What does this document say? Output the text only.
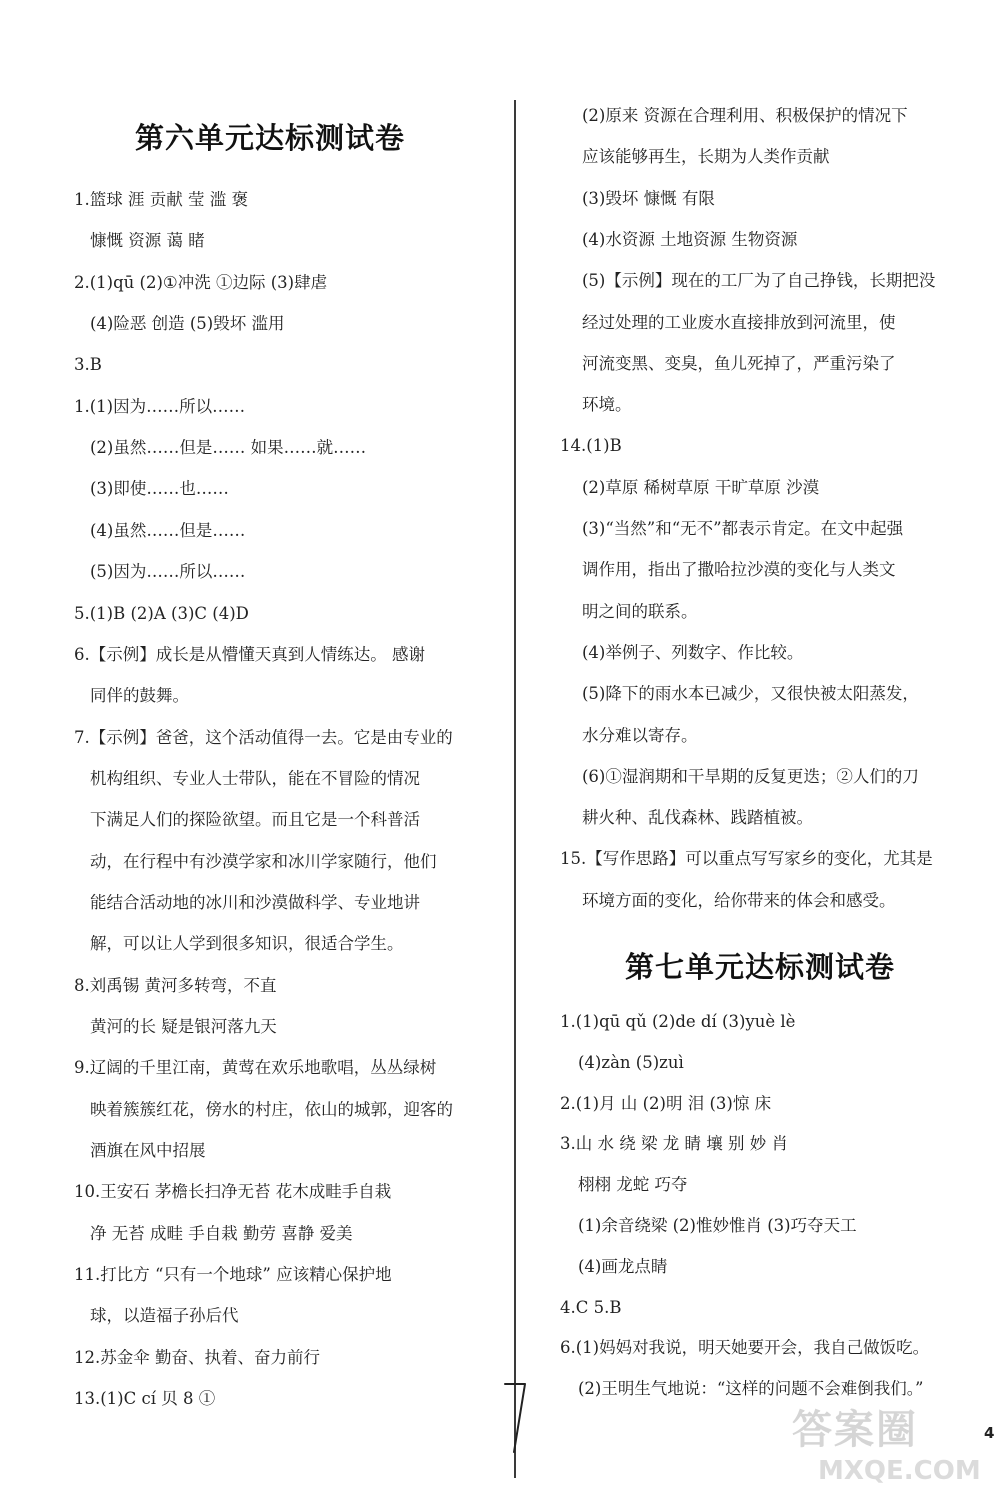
第六单元达标测试卷
1.篮球 涯 贡献 莹 滥 褒
慷慨 资源 蔼 睹
2.(1)qū (2)①冲洗 ①边际 (3)肆虐
(4)险恶 创造 (5)毁坏 滥用
3.B
1.(1)因为……所以……
(2)虽然……但是…… 如果……就……
(3)即使……也……
(4)虽然……但是……
(5)因为……所以……
5.(1)B (2)A (3)C (4)D
6.【示例】成长是从懵懂天真到人情练达。 感谢
同伴的鼓舞。
7.【示例】爸爸，这个活动值得一去。它是由专业的
机构组织、专业人士带队，能在不冒险的情况
下满足人们的探险欲望。而且它是一个科普活
动，在行程中有沙漠学家和冰川学家随行，他们
能结合活动地的冰川和沙漠做科学、专业地讲
解，可以让人学到很多知识，很适合学生。
8.刘禹锡 黄河多转弯，不直
黄河的长 疑是银河落九天
9.辽阔的千里江南，黄莺在欢乐地歌唱，丛丛绿树
映着簇簇红花，傍水的村庄，依山的城郭，迎客的
酒旗在风中招展
10.王安石 茅檐长扫净无苔 花木成畦手自栽
净 无苔 成畦 手自栽 勤劳 喜静 爱美
11.打比方 “只有一个地球” 应该精心保护地
球，以造福子孙后代
12.苏金伞 勤奋、执着、奋力前行
13.(1)C cí 贝 8 ①
(2)原来 资源在合理利用、积极保护的情况下
应该能够再生，长期为人类作贡献
(3)毁坏 慷慨 有限
(4)水资源 土地资源 生物资源
(5)【示例】现在的工厂为了自己挣钱，长期把没
经过处理的工业废水直接排放到河流里，使
河流变黑、变臭，鱼儿死掉了，严重污染了
环境。
14.(1)B
(2)草原 稀树草原 干旷草原 沙漠
(3)“当然”和“无不”都表示肯定。在文中起强
调作用，指出了撒哈拉沙漠的变化与人类文
明之间的联系。
(4)举例子、列数字、作比较。
(5)降下的雨水本已减少，又很快被太阳蒸发，
水分难以寄存。
(6)①湿润期和干旱期的反复更迭；②人们的刀
耕火种、乱伐森林、践踏植被。
15.【写作思路】可以重点写写家乡的变化，尤其是
环境方面的变化，给你带来的体会和感受。
第七单元达标测试卷
1.(1)qū qǔ (2)de dí (3)yuè lè
(4)zàn (5)zuì
2.(1)月 山 (2)明 泪 (3)惊 床
3.山 水 绕 梁 龙 睛 壤 别 妙 肖
栩栩 龙蛇 巧夺
(1)余音绕梁 (2)惟妙惟肖 (3)巧夺天工
(4)画龙点睛
4.C 5.B
6.(1)妈妈对我说，明天她要开会，我自己做饭吃。
(2)王明生气地说：“这样的问题不会难倒我们。”
4
答案圈
MXQE.COM
